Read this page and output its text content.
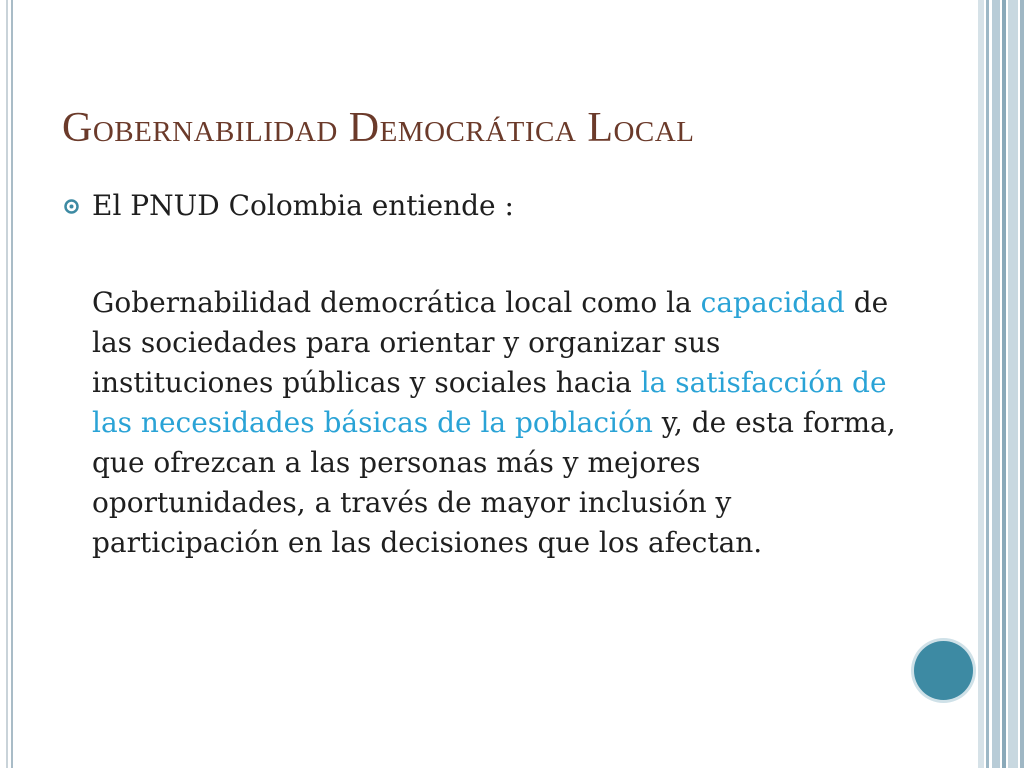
Gobernabilidad Democrática Local
El PNUD Colombia entiende :

Gobernabilidad democrática local como la capacidad de las sociedades para orientar y organizar sus instituciones públicas y sociales hacia la satisfacción de las necesidades básicas de la población y, de esta forma, que ofrezcan a las personas más y mejores oportunidades, a través de mayor inclusión y participación en las decisiones que los afectan.
